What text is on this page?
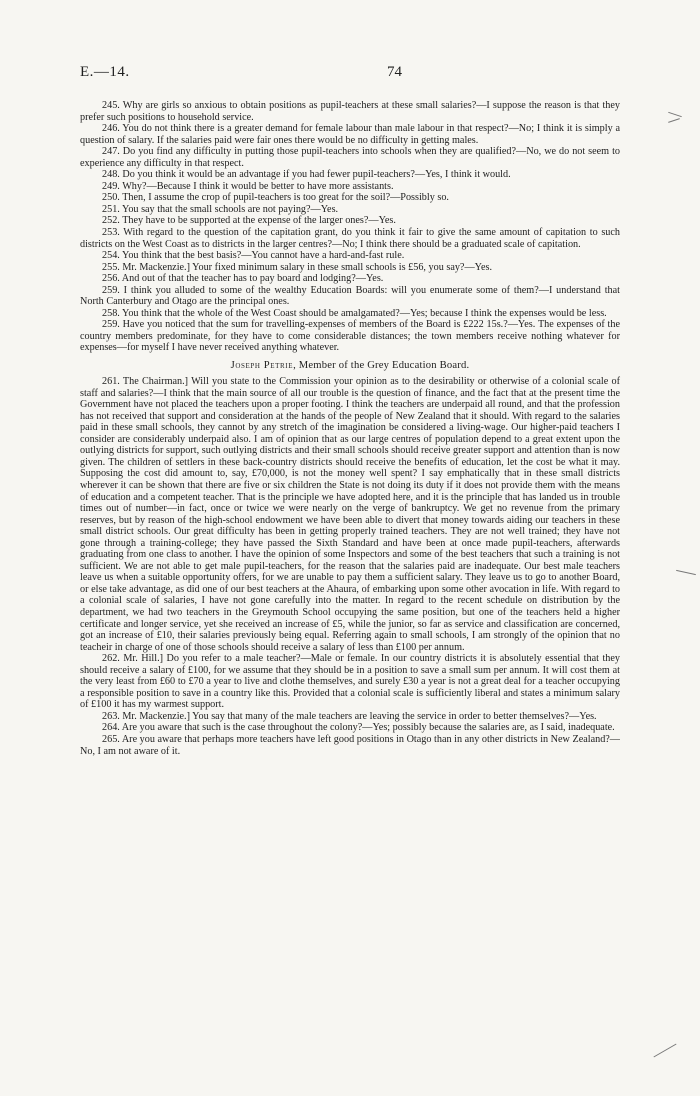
E.—14.	74

245. Why are girls so anxious to obtain positions as pupil-teachers at these small salaries?—I suppose the reason is that they prefer such positions to household service.

246. You do not think there is a greater demand for female labour than male labour in that respect?—No; I think it is simply a question of salary. If the salaries paid were fair ones there would be no difficulty in getting males.

247. Do you find any difficulty in putting those pupil-teachers into schools when they are qualified?—No, we do not seem to experience any difficulty in that respect.

248. Do you think it would be an advantage if you had fewer pupil-teachers?—Yes, I think it would.

249. Why?—Because I think it would be better to have more assistants.

250. Then, I assume the crop of pupil-teachers is too great for the soil?—Possibly so.

251. You say that the small schools are not paying?—Yes.

252. They have to be supported at the expense of the larger ones?—Yes.

253. With regard to the question of the capitation grant, do you think it fair to give the same amount of capitation to such districts on the West Coast as to districts in the larger centres?—No; I think there should be a graduated scale of capitation.

254. You think that the best basis?—You cannot have a hard-and-fast rule.

255. Mr. Mackenzie.] Your fixed minimum salary in these small schools is £56, you say?—Yes.

256. And out of that the teacher has to pay board and lodging?—Yes.

259. I think you alluded to some of the wealthy Education Boards: will you enumerate some of them?—I understand that North Canterbury and Otago are the principal ones.

258. You think that the whole of the West Coast should be amalgamated?—Yes; because I think the expenses would be less.

259. Have you noticed that the sum for travelling-expenses of members of the Board is £222 15s.?—Yes. The expenses of the country members predominate, for they have to come considerable distances; the town members receive nothing whatever for expenses—for myself I have never received anything whatever.

Joseph Petrie, Member of the Grey Education Board.

261. The Chairman.] Will you state to the Commission your opinion as to the desirability or otherwise of a colonial scale of staff and salaries?—I think that the main source of all our trouble is the question of finance, and the fact that at the present time the Government have not placed the teachers upon a proper footing. I think the teachers are underpaid all round, and that the profession has not received that support and consideration at the hands of the people of New Zealand that it should. With regard to the salaries paid in these small schools, they cannot by any stretch of the imagination be considered a living-wage. Our higher-paid teachers I consider are considerably underpaid also. I am of opinion that as our large centres of population depend to a great extent upon the outlying districts for support, such outlying districts and their small schools should receive greater support and attention than is now given. The children of settlers in these back-country districts should receive the benefits of education, let the cost be what it may. Supposing the cost did amount to, say, £70,000, is not the money well spent? I say emphatically that in these small districts wherever it can be shown that there are five or six children the State is not doing its duty if it does not provide them with the means of education and a competent teacher. That is the principle we have adopted here, and it is the principle that has landed us in trouble times out of number—in fact, once or twice we were nearly on the verge of bankruptcy. We get no revenue from the primary reserves, but by reason of the high-school endowment we have been able to divert that money towards aiding our teachers in these small district schools. Our great difficulty has been in getting properly trained teachers. They are not well trained; they have not gone through a training-college; they have passed the Sixth Standard and have been at once made pupil-teachers, afterwards graduating from one class to another. I have the opinion of some Inspectors and some of the best teachers that such a training is not sufficient. We are not able to get male pupil-teachers, for the reason that the salaries paid are inadequate. Our best male teachers leave us when a suitable opportunity offers, for we are unable to pay them a sufficient salary. They leave us to go to another Board, or else take advantage, as did one of our best teachers at the Ahaura, of embarking upon some other avocation in life. With regard to a colonial scale of salaries, I have not gone carefully into the matter. In regard to the recent schedule on distribution by the department, we had two teachers in the Greymouth School occupying the same position, but one of the teachers held a higher certificate and longer service, yet she received an increase of £5, while the junior, so far as service and classification are concerned, got an increase of £10, their salaries previously being equal. Referring again to small schools, I am strongly of the opinion that no teacheir in charge of one of those schools should receive a salary of less than £100 per annum.

262. Mr. Hill.] Do you refer to a male teacher?—Male or female. In our country districts it is absolutely essential that they should receive a salary of £100, for we assume that they should be in a position to save a small sum per annum. It will cost them at the very least from £60 to £70 a year to live and clothe themselves, and surely £30 a year is not a great deal for a teacher occupying a responsible position to save in a country like this. Provided that a colonial scale is sufficiently liberal and states a minimum salary of £100 it has my warmest support.

263. Mr. Mackenzie.] You say that many of the male teachers are leaving the service in order to better themselves?—Yes.

264. Are you aware that such is the case throughout the colony?—Yes; possibly because the salaries are, as I said, inadequate.

265. Are you aware that perhaps more teachers have left good positions in Otago than in any other districts in New Zealand?—No, I am not aware of it.
